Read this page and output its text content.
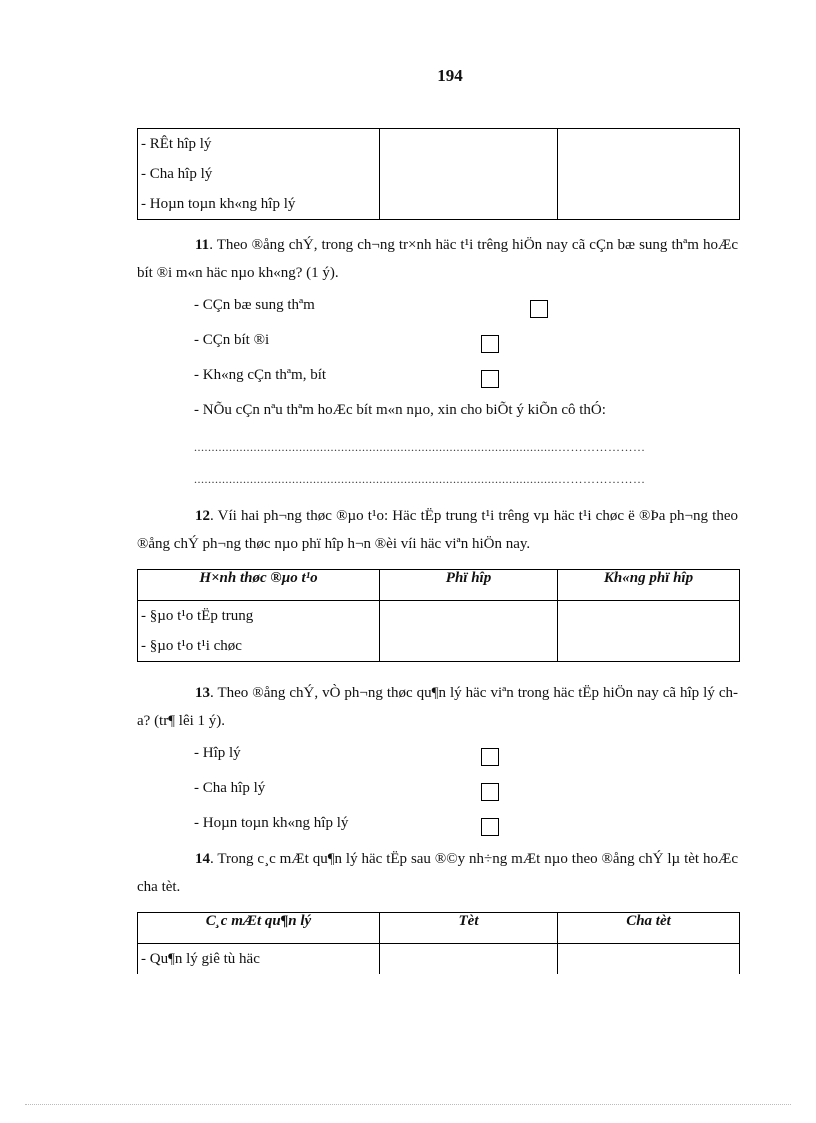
194
- RÊt hîp lý
- Cha hîp lý
- Hoµn toµn kh«ng hîp lý

11. Theo ®ång chÝ, trong ch¬ng tr×nh häc t¹i trêng hiÖn nay cã cÇn bæ sung thªm hoÆc bít ®i m«n häc nµo kh«ng? (1 ý).
- CÇn bæ sung thªm
- CÇn bít ®i
- Kh«ng cÇn thªm, bít
- NÕu cÇn nªu thªm hoÆc bít m«n nµo, xin cho biÕt ý kiÕn cô thÓ:
........................................................................................................…………………
........................................................................................................…………………
12. Víi hai ph¬ng thøc ®µo t¹o: Häc tËp trung t¹i trêng vµ häc t¹i chøc ë ®Þa ph¬ng theo ®ång chÝ ph¬ng thøc nµo phï hîp h¬n ®èi víi häc viªn hiÖn nay.
H×nh thøc ®µo t¹o	Phï hîp	Kh«ng phï hîp

- §µo t¹o tËp trung
- §µo t¹o t¹i chøc		

13. Theo ®ång chÝ, vÒ ph¬ng thøc qu¶n lý häc viªn trong häc tËp hiÖn nay cã hîp lý cha? (tr¶ lêi 1 ý).
- Hîp lý
- Cha hîp lý
- Hoµn toµn kh«ng hîp lý
14. Trong c¸c mÆt qu¶n lý häc tËp sau ®©y nh÷ng mÆt nµo theo ®ång chÝ lµ tèt hoÆc cha tèt.
C¸c mÆt qu¶n lý	Tèt	Cha tèt

- Qu¶n lý giê tù häc		
